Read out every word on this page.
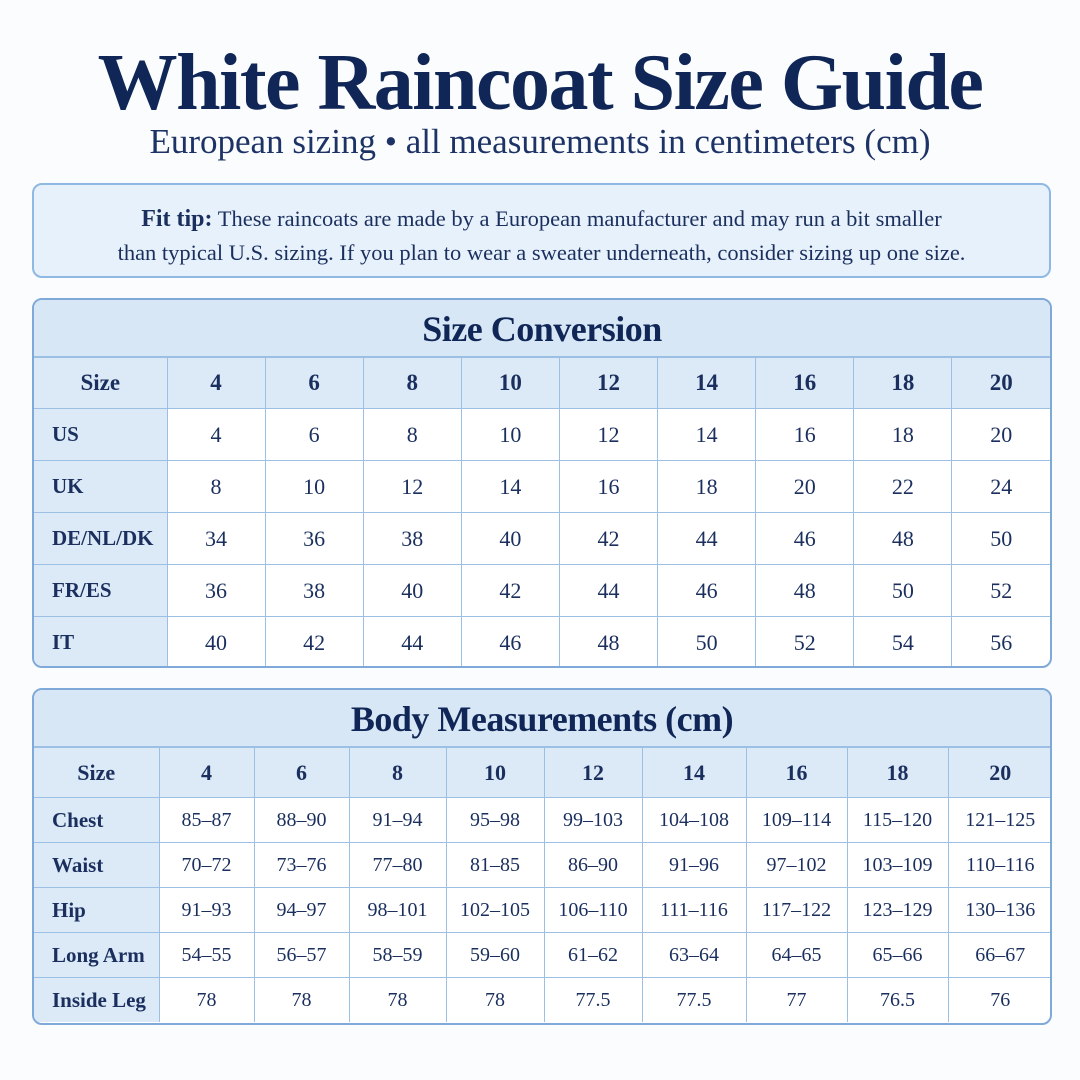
White Raincoat Size Guide
European sizing • all measurements in centimeters (cm)
Fit tip: These raincoats are made by a European manufacturer and may run a bit smaller
than typical U.S. sizing. If you plan to wear a sweater underneath, consider sizing up one size.
Size Conversion
Size	4	6	8	10	12	14	16	18	20
US	4	6	8	10	12	14	16	18	20
UK	8	10	12	14	16	18	20	22	24
DE/NL/DK	34	36	38	40	42	44	46	48	50
FR/ES	36	38	40	42	44	46	48	50	52
IT	40	42	44	46	48	50	52	54	56
Body Measurements (cm)
Size	4	6	8	10	12	14	16	18	20
Chest	85–87	88–90	91–94	95–98	99–103	104–108	109–114	115–120	121–125
Waist	70–72	73–76	77–80	81–85	86–90	91–96	97–102	103–109	110–116
Hip	91–93	94–97	98–101	102–105	106–110	111–116	117–122	123–129	130–136
Long Arm	54–55	56–57	58–59	59–60	61–62	63–64	64–65	65–66	66–67
Inside Leg	78	78	78	78	77.5	77.5	77	76.5	76
